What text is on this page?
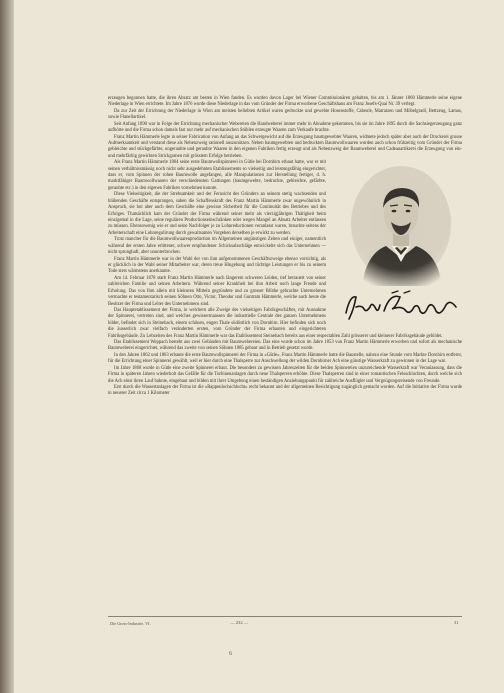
erzeugen begonnen hatte, die ihren Absatz am besten in Wien fanden. Es wurden davon Lager bei Wiener Commissionären gehalten, bis am 1. Jänner 1860 Hämmerle seine eigene Niederlage in Wien errichtete. Im Jahre 1876 wurde diese Niederlage in das vom Gründer der Firma erworbene Geschäftshaus am Franz Josefs-Quai Nr. 39 verlegt.

Da zur Zeit der Errichtung der Niederlage in Wien am meisten beliebten Artikel waren gedruckte und gewebte Hosenstoffe, Cabeule, Matratzen und Möbelgradl, Bettzeug, Lamas, sowie Flanellartikel.

Seit Anfang 1890 war in Folge der Errichtung mechanischer Webereien die Handweberei immer mehr in Abnahme gekommen, bis sie im Jahre 1895 durch die Sachsiegerzeugung ganz aufhörte und die Firma schon damals fast nur mehr auf mechanischen Stühlen erzeugte Waaren zum Verkaufe brachte.

Franz Martin Hämmerle legte in seiner Fabrication von Anfang an das Schwergewicht auf die Erzeugung baumgewebter Waaren, widmete jedoch später aber auch der Druckerei grosse Aufmerksamkeit und verstand diese als Nebenzweig rationell auszunützen. Neben baumgewebten und bedruckten Baumwollwaaren wurden auch schon frühzeitig vom Gründer der Firma gebleichte und stückgefärbte, ungerauhte und gerauhte Waaren in den eigenen Fabriken fertig erzeugt und als Nebenzweig der Baumweberei und Cadeauartikerei die Erzeugung von ein- und mehrfärbig gewirkten Strickgarnen mit grösstem Erfolge betrieben.

Als Franz Martin Hämmerle 1864 seine erste Baumwollspinnerei in Gütle bei Dornbirn erbaut hatte, war er mit seinen verhältnissmässig noch nicht sehr ausgedehnten Etablissements so vielseitig und leistungsfähig eingerichtet, dass er, vom Spinnen der rohen Baumwolle angefangen, alle Manipulationen zur Herstellung fertiger, d. h. marktfähiger Baumwollwaaren der verschiedensten Gattungen (baumgewebte, bedruckte, gebleichte, gefärbte, gerauhte etc.) in den eigenen Fabriken vornehmen konnte.

Diese Vielseitigkeit, die der Strebsamkeit und der Fernsicht des Gründers an seinem stetig wachsenden und blühenden Geschäfte entsprangen, sahen die Schaffenskraft des Franz Martin Hämmerle zwar ungewöhnlich in Anspruch, sie bot aber auch dem Geschäfte eine gewisse Sicherheit für die Continuität des Betriebes und des Erfolges. Thatsächlich kam der Gründer der Firma während seiner mehr als vierzigjährigen Thätigkeit beim einzigemal in die Lage, seine regulären Productionseinschränken oder wegen Mangel an Absatz Arbeiter entlassen zu müssen. Ebensowenig wie er und seine Nachfolger je zu Lohnreductionen veranlasst waren, brauchte seitens der Arbeiterschaft eine Lohnregulirung durch gewaltsamen Vorgehen derselben je erwirkt zu werden.

Trotz mancher für die Baumwollwaarenproduction im Allgemeinen ungünstigen Zeiten und einiger, namentlich während der ersten Jahre erlittener, schwer empfundener Schicksalsschläge entwickelte sich das Unternehmen — nicht sprunghaft, aber ununterbrochen.

Franz Martin Hämmerle war in der Wahl der von ihm aufgenommenen Geschäftszweige ebenso vorsichtig, als er glücklich in der Wahl seiner Mitarbeiter war, deren treue Hingebung und tüchtige Leistungen er bis zu seinem Tode stets wärmstens anerkannte.

Am 14. Februar 1878 starb Franz Martin Hämmerle nach längerem schweren Leiden, tief betrauert von seiner zahlreichen Familie und seinen Arbeitern. Während seiner Krankheit bei ihm Arbeit noch lange Freude und Erholung. Das von Ihm allein mit kleinsten Mitteln gegründete und zu grosser Blüthe gebrachte Unternehmen vermachte er testamentarisch seinen Söhnen Otto, Victor, Theodor und Guntram Hämmerle, welche auch heute die Besitzer der Firma und Leiter des Unternehmens sind.

Das Hauptetablissement der Firma, in welchem alle Zweige des vielseitigen Fabrikgeschäftes, mit Ausnahme der Spinnerei, vertreten sind, und welches gewissermaassen die industrielle Centrale des ganzen Unternehmens bildet, befindet sich in Steinebach, einem schönen, engen Thale südöstlich von Dornbirn. Hier befinden sich noch die äusserlich zwar vielfach veränderten ersten, vom Gründer der Firma erbauten und eingerichteten Fabriksgebäude. Zu Lebzeiten des Franz Martin Hämmerle war das Etablissement Steinebach bereits aus einer respectablen Zahl grösserer und kleinerer Fabriksgebäude gebildet.

Das Etablissement Weppach besteht aus zwei Gebäuden mit Baumwebereien. Das eine wurde schon im Jahre 1853 von Franz Martin Hämmerle erworben und sofort als mechanische Baumweberei eingerichtet, während das zweite von seinen Söhnen 1885 gebaut und in Betrieb gesetzt wurde.

In den Jahren 1862 und 1863 erbaute die erste Baumwollspinnerei der Firma in »Gütle«. Franz Martin Hämmerle hatte die Baustelle, nahezu eine Stunde vom Markte Dornbirn entfernt, für die Errichtung einer Spinnerei gewählt, weil er hier durch eine Thalsperre zur Anschwellung der wilden Dornbirner Ach eine günstige Wasserkraft zu gewinnen in der Lage war.

Im Jahre 1868 wurde in Gütle eine zweite Spinnerei erbaut. Die besonders zu gewissen Jahreszeiten für die beiden Spinnereien unzureichende Wasserkraft war Veranlassung, dass die Firma in späteren Jahren wiederholt das Gefälle für die Turbinenanlagen durch neue Thalsperren erhöhte. Diese Thalsperren sind in einer romantischen Felsschluchten, durch welche sich die Ach einst ihren Lauf bahnte, eingebaut und bilden mit ihrer Umgebung einen beständigen Anziehungspunkt für zahlreiche Ausflügler und Vergnügungsreisende von Freunde.

Erst durch die Wassertanlagen der Firma ist die »Rappenlochschlucht« recht bekannt und der allgemeinen Besichtigung zugänglich gemacht worden. Auf die Initiative der Firma wurde in neuerer Zeit circa 1 Kilometer

Die Gross-Industrie. VI.	— 232 —	31
6
